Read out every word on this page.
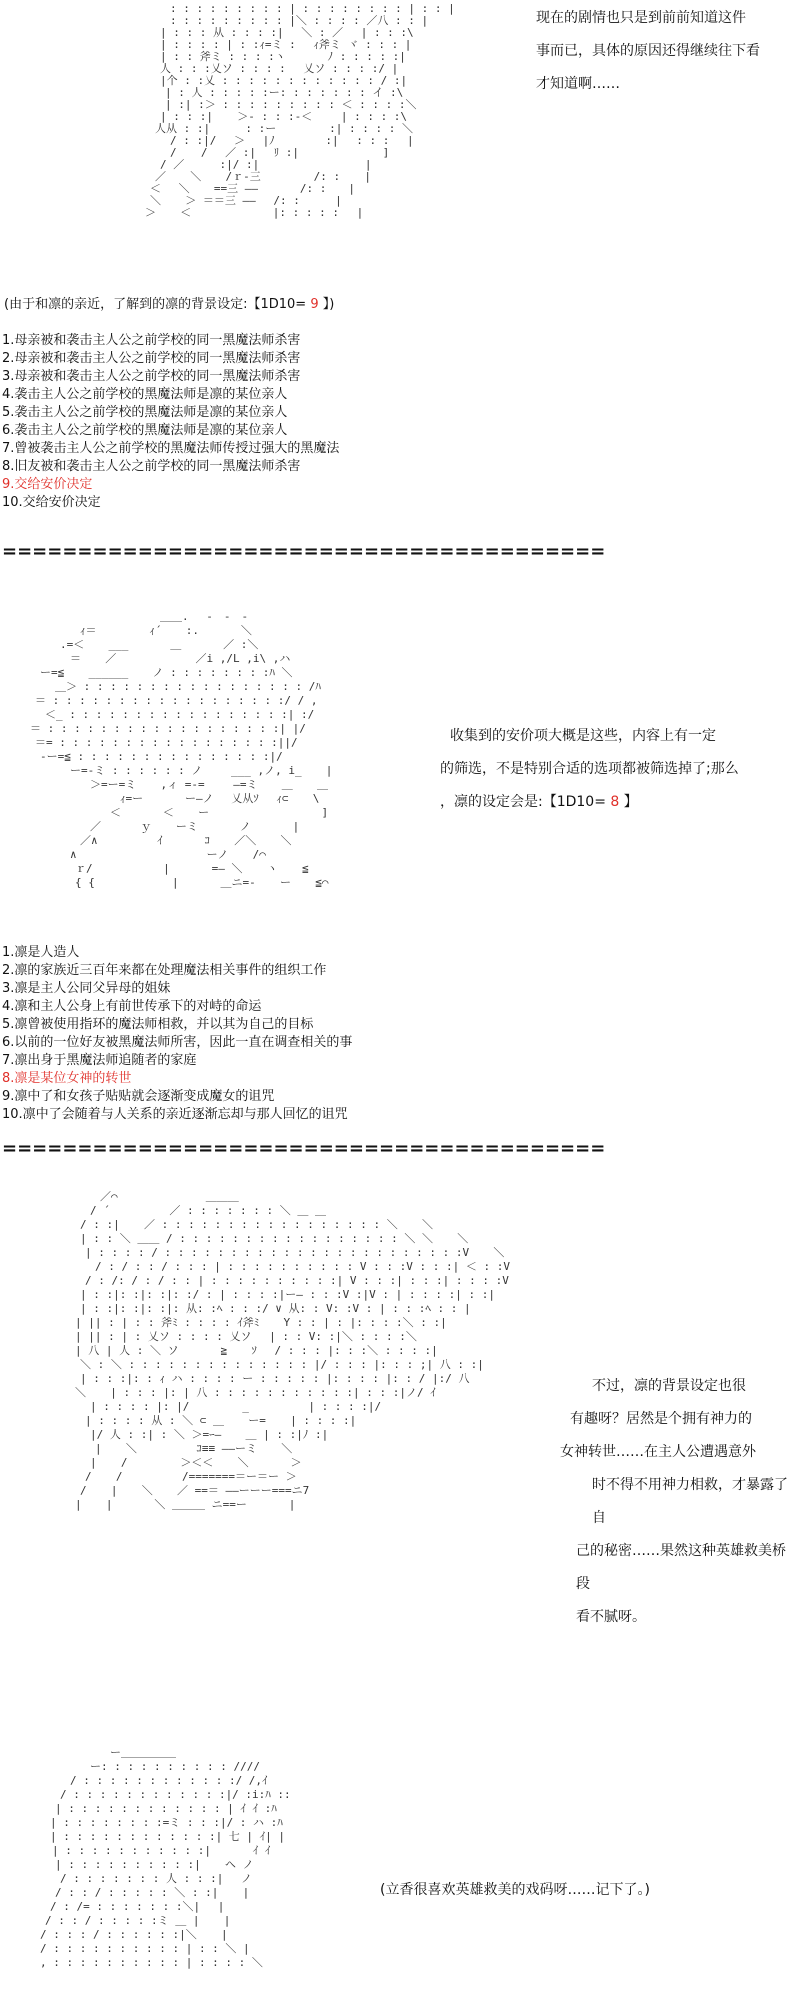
: : : : : : : : : | : : : : : : : : | : : |
: : : : : : : : : |＼ : : : : ／八 : : |
| : : : 从 : : : :| 　＼ : ／　 | : : :\
| : : : : | : :ｨ=ミ : 　ｨ斧ミ ヾ : : : |
| : : 斧ミ : : : :ヽ 　 　 ﾉ : : : : :|
人 : : :乂ソ : : : : 　乂ソ : : : :/ |
|个 : :乂 : : : : : : : : : : : : / :|
| : 人 : : : : :ー: : : : : : : イ :\
| :| :＞ : : : : : : : : : ＜ : : : :＼
| : : :| 　 ＞- : : :-＜　 　| : : : :\
人从 : :|　 　 : :ー 　　 　 :| : : : : ＼
/ : :|/　 ＞ 　|ﾉ　　　　 :|　 : : :　 |
/ 　 /　 ／ :| 　ﾘ :|　　 　　　　　]
/ ／ 　　 :|/ :|　　　　　　　　　 |
／ 　 ＼ 　 /ｒ-三　 　 　 /: : 　 |
＜　 ＼ 　 ==三 ―― 　 　 /: :　　|
＼ 　 ＞ ＝＝三 ――　 /: :　 　 |
＞ 　 ＜ 　 　 　　　 |: : : : :　 |
现在的剧情也只是到前前知道这件
事而已，具体的原因还得继续往下看
才知道啊……
(由于和凛的亲近，了解到的凛的背景设定:【1D10= 9 】)
1.母亲被和袭击主人公之前学校的同一黑魔法师杀害
2.母亲被和袭击主人公之前学校的同一黑魔法师杀害
3.母亲被和袭击主人公之前学校的同一黑魔法师杀害
4.袭击主人公之前学校的黑魔法师是凛的某位亲人
5.袭击主人公之前学校的黑魔法师是凛的某位亲人
6.袭击主人公之前学校的黑魔法师是凛的某位亲人
7.曾被袭击主人公之前学校的黑魔法师传授过强大的黑魔法
8.旧友被和袭击主人公之前学校的同一黑魔法师杀害
9.交给安价决定
10.交给安价决定
========================================
＿＿.　 -　‐　-
ｨ＝ 　　 　 ｨ´ 　 :. 　 　 ＼
.=＜ 　 ___ 　 　 ＿ 　 　 ／ :＼
＝ 　 ／ 　　　　　　 ／i ,/L ,i\ ,ハ
ー=≦ 　 ______ 　 ノ : : : : : : : :ﾊ ＼
＿＞ : : : : : : : : : : : : : : : : : /ﾊ
＝ : : : : : : : : : : : : : : : : : :/ / ,
＜_ : : : : : : : : : : : : : : : : :| :/
＝ : : : : : : : : : : : : : : : : : :| |/
＝= : : : : : : : : : : : : : : : : :||/
-ー=≦ : : : : : : : : : : : : : : :|/
ー=-ミ : : : : : : ノ　　 ___ ,ノ, i_ 　 |
＞=ー=ミ 　 ,ィ =-=　　 ―=ミ 　 ＿ 　 ＿
ｨ=ー 　 　 ー―ノ 　乂从ｿ 　ｨ⊂ 　 \
＜ 　 　 ＜ 　 ー 　 　 　 　 　 　 ]
／ 　　　ｙ 　 ーミ 　 　 ノ 　 　 |
／∧ 　 　 　 ｲ 　 　 ｺ 　 ／＼ 　 ＼
∧ 　 　 　 　 　 　 　 ーノ 　 /⌒
ｒ/ 　 　　 　 | 　 　 =― ＼ 　 ヽ 　 ≦
{ { 　 　 　 　 | 　 　 ＿ニ=- 　 ー 　 ≦⌒
收集到的安价项大概是这些，内容上有一定
的筛选，不是特别合适的选项都被筛选掉了;那么
，凛的设定会是:【1D10= 8 】
1.凛是人造人
2.凛的家族近三百年来都在处理魔法相关事件的组织工作
3.凛是主人公同父异母的姐妹
4.凛和主人公身上有前世传承下的对峙的命运
5.凛曾被使用指环的魔法师相救，并以其为自己的目标
6.以前的一位好友被黑魔法师所害，因此一直在调查相关的事
7.凛出身于黑魔法师追随者的家庭
8.凛是某位女神的转世
9.凛中了和女孩子贴贴就会逐渐变成魔女的诅咒
10.凛中了会随着与人关系的亲近逐渐忘却与那人回忆的诅咒
========================================
／⌒ 　 　 　 　 　＿＿＿
/ ´ 　 　 　 ／ : : : : : : : ＼ ＿ ＿
/ : :| 　 ／ : : : : : : : : : : : : : : : : : ＼ 　 ＼
| : : ＼ ＿＿ / : : : : : : : : : : : : : : : : : ＼ ＼ 　 ＼
| : : : : / : : : : : : : : : : : : : : : : : : : : : : :V 　 ＼
/ : / : : / : : : | : : : : : : : : : : V : : :V : : :| ＜ : :V
/ : /: / : / : : | : : : : : : : : : :| V : : :| : : :| : : : :V
| : :|: :|: :|: :/ : | : : : :|ー― : : :V :|V : | : : : :| : :|
| : :|: :|: :|: 从: :ﾍ : : :/ ∨ 从: : V: :V : | : : :ﾍ : : |
| || : | : : 斧ﾐ : : : : ｲ斧ﾐ 　 Y : : | : |: : : :＼ : :|
| || : | : 乂ソ : : : : 乂ソ　 | : : V: :|＼ : : : :＼
| 八 | 人 : ＼ ソ 　 　 ≧ 　 ｿ 　/ : : : |: : :＼ : : : :|
＼ : ＼ : : : : : : : : : : : : : : |/ : : : |: : : ;| 八 : :|
| : : :|: : ｨ ハ : : : : ー : : : : : |: : : : |: : / |:/ 八
＼ 　 | : : : |: | 八 : : : : : : : : : : :| : : :|ノ/ ｲ
| : : : : |: |/ 　 　　 _ 　 　 　 | : : : :|/
| : : : : 从 : ＼ ⊂ ＿ 　 ー= 　 | : : : :|
|/ 人 : :| : ＼ ＞=ｰ― 　 ＿ | : :|ﾉ :|
| 　 ＼ 　 　 　 ｺ≡≡ ――ーミ 　 ＼
| 　 /　 　 　 ＞＜＜ 　 ＼ 　 　 ＞
/ 　 / 　 　 　 /=======＝ー＝ー ＞
/ 　 | 　 ＼ 　 ／ ==＝ ――ーーー===ニ7
| 　 | 　 　 ＼ ＿＿＿ ニ==ー 　 　 |
不过，凛的背景设定也很
有趣呀？居然是个拥有神力的
女神转世……在主人公遭遇意外
时不得不用神力相救，才暴露了自
己的秘密……果然这种英雄救美桥段
看不腻呀。
ー＿＿＿＿＿
ー: : : : : : : : : : ////
/ : : : : : : : : : : : :/ /,ｲ
/ : : : : : : : : : : : :|/ :i:ﾊ ::
| : : : : : : : : : : : : | ｲ ｲ :ﾊ
| : : : : : : : :=ミ : : :|/ : ハ :ﾊ
| : : : : : : : : : : : :| 七 | ｲ| |
| : : : : : : : : : : :| 　 　 ｲ ｲ
| : : : : : : : : : :| 　 ヘ ノ
/ : : : : : : : 人 : : :|　 ノ
/ : : / : : : : : ＼ : :| 　 |
/ : /= : : : : : : :＼| 　|
/ : : / : : : : :ミ ＿ | 　 |
/ : : : / : : : : : :|＼ 　 |
/ : : : : : : : : : : | : : ＼ |
, : : : : : : : : : : | : : : : ＼
(立香很喜欢英雄救美的戏码呀……记下了。)
